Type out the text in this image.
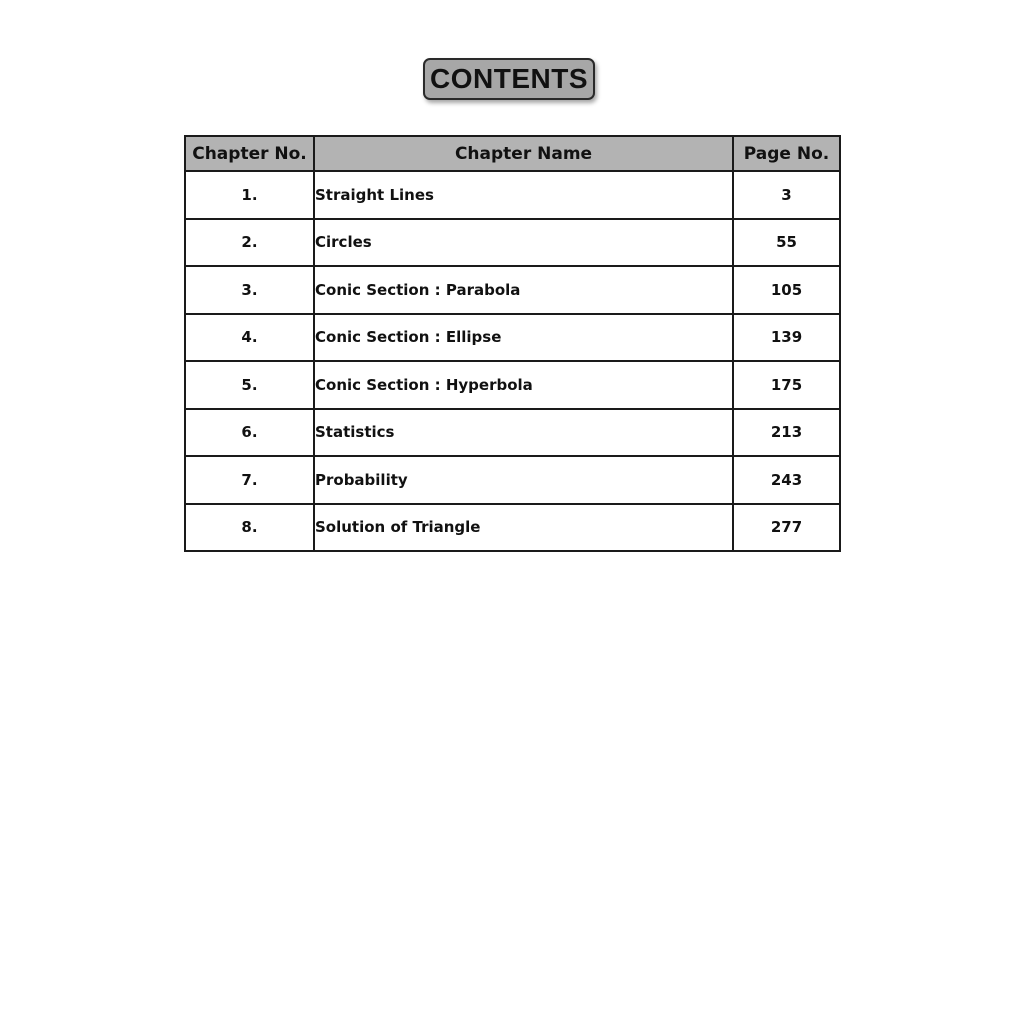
CONTENTS
Chapter No.	Chapter Name	Page No.
1.	Straight Lines	3
2.	Circles	55
3.	Conic Section : Parabola	105
4.	Conic Section : Ellipse	139
5.	Conic Section : Hyperbola	175
6.	Statistics	213
7.	Probability	243
8.	Solution of Triangle	277
